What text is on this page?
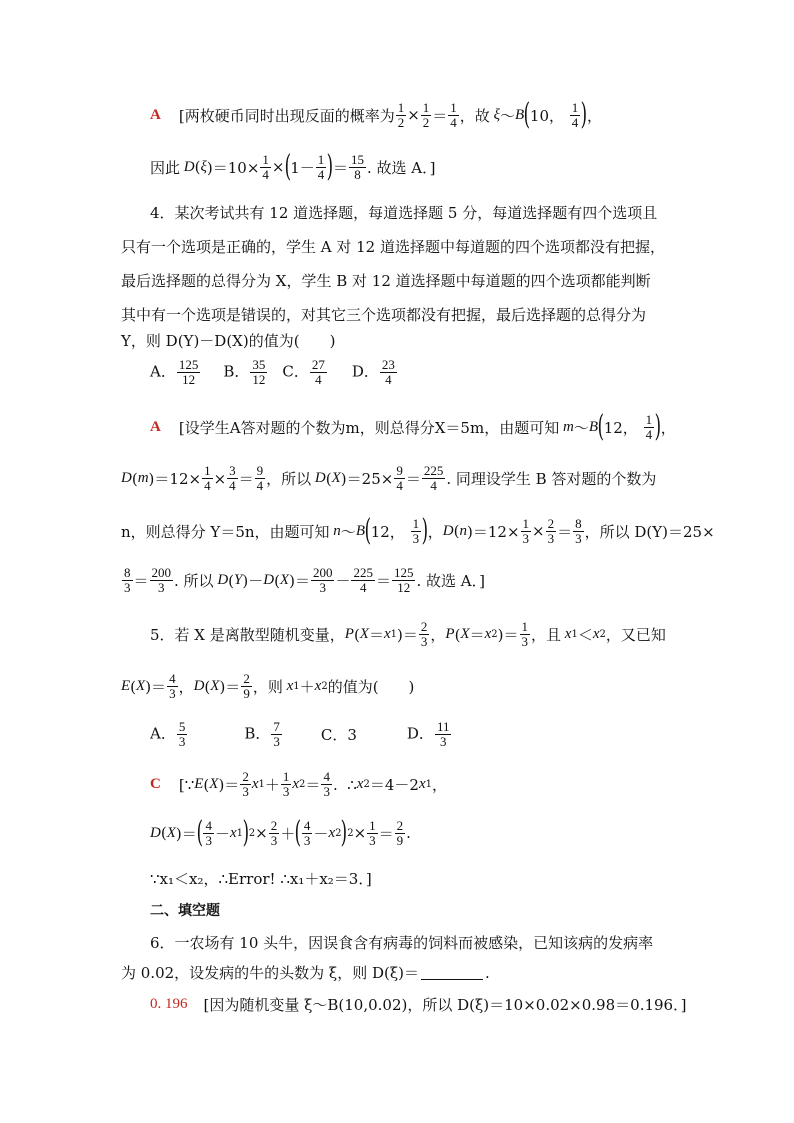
A [两枚硬币同时出现反面的概率为 $\frac{1}{2} \times \frac{1}{2} = \frac{1}{4}$ ，故 ξ ～ B ( 10， $\frac{1}{4}$ ) ，
因此 D ( ξ )$=10\times \frac{1}{4}$ × ( $1- \frac{1}{4}$ ) ＝ $\frac{15}{8}$ . 故选 A．]
4．某次考试共有 12 道选择题，每道选择题 5 分，每道选择题有四个选项且
只有一个选项是正确的，学生 A 对 12 道选择题中每道题的四个选项都没有把握，
最后选择题的总得分为 X，学生 B 对 12 道选择题中每道题的四个选项都能判断
其中有一个选项是错误的，对其它三个选项都没有把握，最后选择题的总得分为
Y，则 D(Y)－D(X)的值为(　　)
A． $\frac{125}{12}$ B． $\frac{35}{12}$ C． $\frac{27}{4}$ D． $\frac{23}{4}$
A [设学生A答对题的个数为m，则总得分X＝5m，由题可知 m ～ B ( 12， $\frac{1}{4}$ ) ，
D ( m )$=12\times \frac{1}{4} \times \frac{3}{4} = \frac{9}{4}$ ，所以 D ( X )$=25\times \frac{9}{4} = \frac{225}{4}$ . 同理设学生 B 答对题的个数为
n，则总得分 Y＝5n，由题可知 n ～ B ( 12， $\frac{1}{3}$ ) ， D ( n )$=12\times \frac{1}{3} \times \frac{2}{3} = \frac{8}{3}$ ，所以 D(Y)＝25×
$\frac{8}{3} = \frac{200}{3}$ . 所以 D ( Y )－ D ( X )＝ $\frac{200}{3} - \frac{225}{4} = \frac{125}{12}$ . 故选 A．]
5．若 X 是离散型随机变量， P ( X ＝ x 1 )＝ $\frac{2}{3}$ ， P ( X ＝ x 2 )＝ $\frac{1}{3}$ ，且 x 1 ＜ x 2 ，又已知
E ( X )＝ $\frac{4}{3}$ ， D ( X )＝ $\frac{2}{9}$ ，则 x 1 ＋ x 2 的值为(　　)
A． $\frac{5}{3}$	B． $\frac{7}{3}$	C．3	D． $\frac{11}{3}$
C [∵ E ( X )＝ $\frac{2}{3}$ x $1 + \frac{1}{3}$ x $2 = \frac{4}{3}$ .  ∴ x 2 ＝4－2 x 1 ，
D ( X )＝ ( $\frac{4}{3} - x$ 1 ) $2 \times \frac{2}{3}$ ＋ ( $\frac{4}{3} - x$ 2 ) $2 \times \frac{1}{3} = \frac{2}{9}$ .
∵x₁＜x₂，∴Error! ∴x₁＋x₂＝3．]
二、填空题
6．一农场有 10 头牛，因误食含有病毒的饲料而被感染，已知该病的发病率
为 0.02，设发病的牛的头数为 ξ，则 D(ξ)＝	.
0. 196 [因为随机变量 ξ～B(10,0.02)，所以 D(ξ)＝10×0.02×0.98＝0.196．]
